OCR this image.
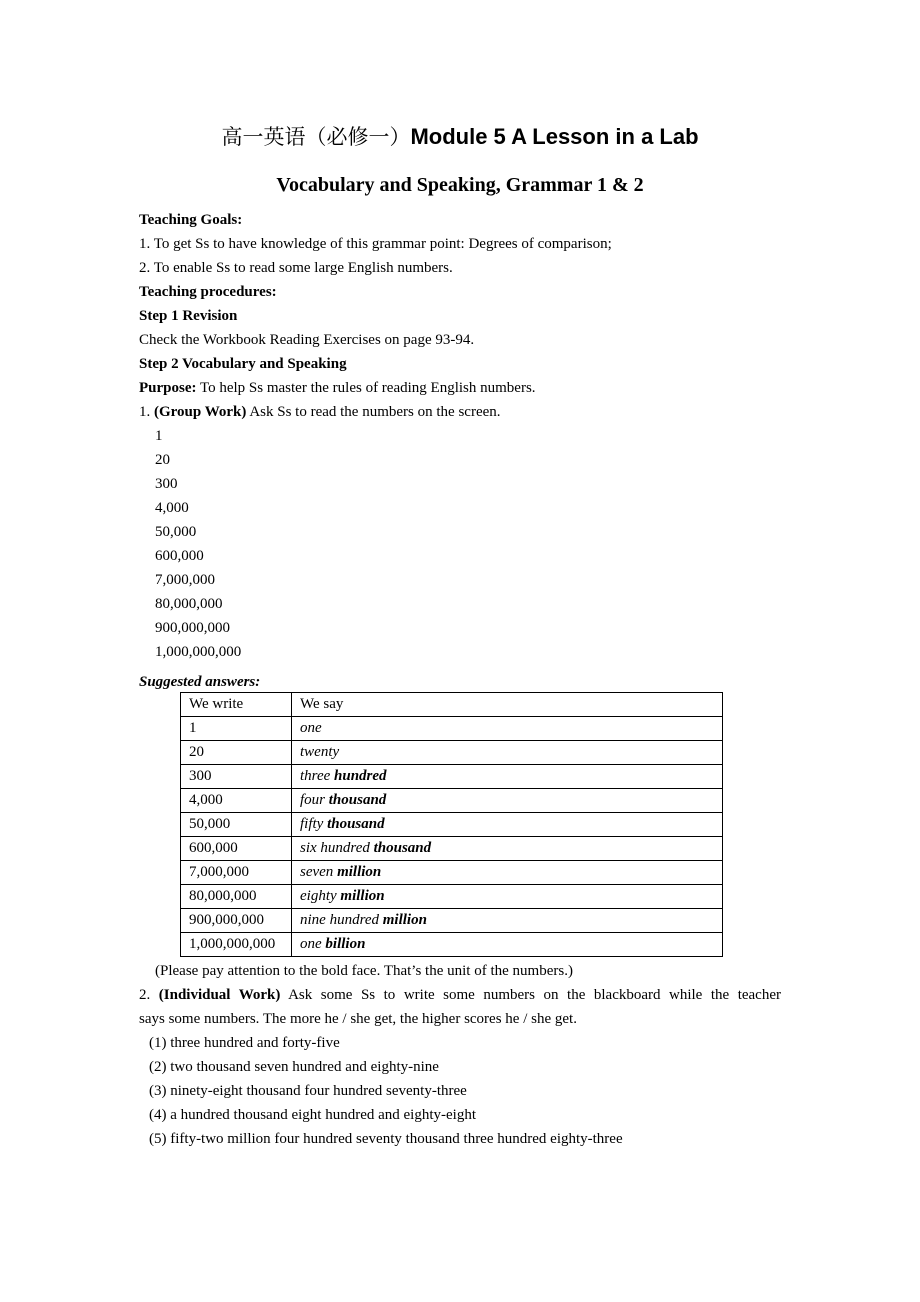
高一英语（必修一）Module 5 A Lesson in a Lab
Vocabulary and Speaking, Grammar 1 & 2
Teaching Goals:
1. To get Ss to have knowledge of this grammar point: Degrees of comparison;
2. To enable Ss to read some large English numbers.
Teaching procedures:
Step 1 Revision
Check the Workbook Reading Exercises on page 93-94.
Step 2 Vocabulary and Speaking
Purpose: To help Ss master the rules of reading English numbers.
1. (Group Work) Ask Ss to read the numbers on the screen.
1
20
300
4,000
50,000
600,000
7,000,000
80,000,000
900,000,000
1,000,000,000
Suggested answers:
We write	We say
1	one
20	twenty
300	three hundred
4,000	four thousand
50,000	fifty thousand
600,000	six hundred thousand
7,000,000	seven million
80,000,000	eighty million
900,000,000	nine hundred million
1,000,000,000	one billion
(Please pay attention to the bold face. That’s the unit of the numbers.)
2. (Individual Work) Ask some Ss to write some numbers on the blackboard while the teacher
says some numbers. The more he / she get, the higher scores he / she get.
(1) three hundred and forty-five
(2) two thousand seven hundred and eighty-nine
(3) ninety-eight thousand four hundred seventy-three
(4) a hundred thousand eight hundred and eighty-eight
(5) fifty-two million four hundred seventy thousand three hundred eighty-three
